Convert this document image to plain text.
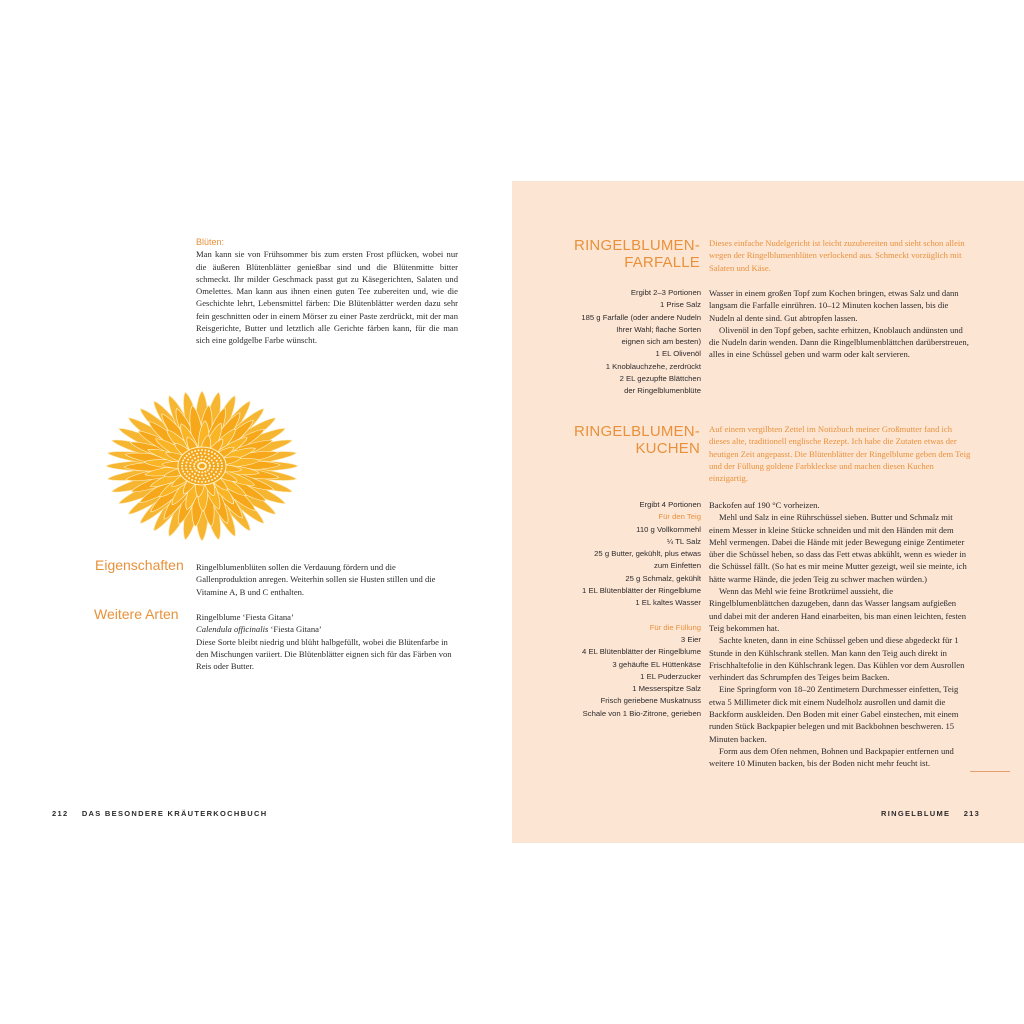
Blüten:

Man kann sie von Frühsommer bis zum ersten Frost pflücken, wobei nur die äußeren Blütenblätter genießbar sind und die Blütenmitte bitter schmeckt. Ihr milder Geschmack passt gut zu Käsegerichten, Salaten und Omelettes. Man kann aus ihnen einen guten Tee zubereiten und, wie die Geschichte lehrt, Lebensmittel färben: Die Blütenblätter werden dazu sehr fein geschnitten oder in einem Mörser zu einer Paste zerdrückt, mit der man Reisgerichte, Butter und letztlich alle Gerichte färben kann, für die man sich eine goldgelbe Farbe wünscht.

Eigenschaften Ringelblumenblüten sollen die Verdauung fördern und die Gallenproduktion anregen. Weiterhin sollen sie Husten stillen und die Vitamine A, B und C enthalten.
Weitere Arten Ringelblume ‘Fiesta Gitana’
Calendula officinalis ‘Fiesta Gitana’
Diese Sorte bleibt niedrig und blüht halbgefüllt, wobei die Blütenfarbe in den Mischungen variiert. Die Blütenblätter eignen sich für das Färben von Reis oder Butter.
212 DAS BESONDERE KRÄUTERKOCHBUCH
RINGELBLUMEN-
FARFALLE
Dieses einfache Nudelgericht ist leicht zuzubereiten und sieht schon allein wegen der Ringelblumenblüten verlockend aus. Schmeckt vorzüglich mit Salaten und Käse.
Ergibt 2–3 Portionen
1 Prise Salz
185 g Farfalle (oder andere Nudeln
Ihrer Wahl; flache Sorten
eignen sich am besten)
1 EL Olivenöl
1 Knoblauchzehe, zerdrückt
2 EL gezupfte Blättchen
der Ringelblumenblüte

Wasser in einem großen Topf zum Kochen bringen, etwas Salz und dann langsam die Farfalle einrühren. 10–12 Minuten kochen lassen, bis die Nudeln al dente sind. Gut abtropfen lassen.

Olivenöl in den Topf geben, sachte erhitzen, Knoblauch andünsten und die Nudeln darin wenden. Dann die Ringelblumenblättchen darüberstreuen, alles in eine Schüssel geben und warm oder kalt servieren.

RINGELBLUMEN-
KUCHEN
Auf einem vergilbten Zettel im Notizbuch meiner Großmutter fand ich dieses alte, traditionell englische Rezept. Ich habe die Zutaten etwas der heutigen Zeit angepasst. Die Blütenblätter der Ringelblume geben dem Teig und der Füllung goldene Farbkleckse und machen diesen Kuchen einzigartig.
Ergibt 4 Portionen
Für den Teig
110 g Vollkornmehl
¼ TL Salz
25 g Butter, gekühlt, plus etwas
zum Einfetten
25 g Schmalz, gekühlt
1 EL Blütenblätter der Ringelblume
1 EL kaltes Wasser
Für die Füllung
3 Eier
4 EL Blütenblätter der Ringelblume
3 gehäufte EL Hüttenkäse
1 EL Puderzucker
1 Messerspitze Salz
Frisch geriebene Muskatnuss
Schale von 1 Bio-Zitrone, gerieben

Backofen auf 190 °C vorheizen.

Mehl und Salz in eine Rührschüssel sieben. Butter und Schmalz mit einem Messer in kleine Stücke schneiden und mit den Händen mit dem Mehl vermengen. Dabei die Hände mit jeder Bewegung einige Zentimeter über die Schüssel heben, so dass das Fett etwas abkühlt, wenn es wieder in die Schüssel fällt. (So hat es mir meine Mutter gezeigt, weil sie meinte, ich hätte warme Hände, die jeden Teig zu schwer machen würden.)

Wenn das Mehl wie feine Brotkrümel aussieht, die Ringelblumenblättchen dazugeben, dann das Wasser langsam aufgießen und dabei mit der anderen Hand einarbeiten, bis man einen leichten, festen Teig bekommen hat.

Sachte kneten, dann in eine Schüssel geben und diese abgedeckt für 1 Stunde in den Kühlschrank stellen. Man kann den Teig auch direkt in Frischhaltefolie in den Kühlschrank legen. Das Kühlen vor dem Ausrollen verhindert das Schrumpfen des Teiges beim Backen.

Eine Springform von 18–20 Zentimetern Durchmesser einfetten, Teig etwa 5 Millimeter dick mit einem Nudelholz ausrollen und damit die Backform auskleiden. Den Boden mit einer Gabel einstechen, mit einem runden Stück Backpapier belegen und mit Backbohnen beschweren. 15 Minuten backen.

Form aus dem Ofen nehmen, Bohnen und Backpapier entfernen und weitere 10 Minuten backen, bis der Boden nicht mehr feucht ist.

RINGELBLUME 213
